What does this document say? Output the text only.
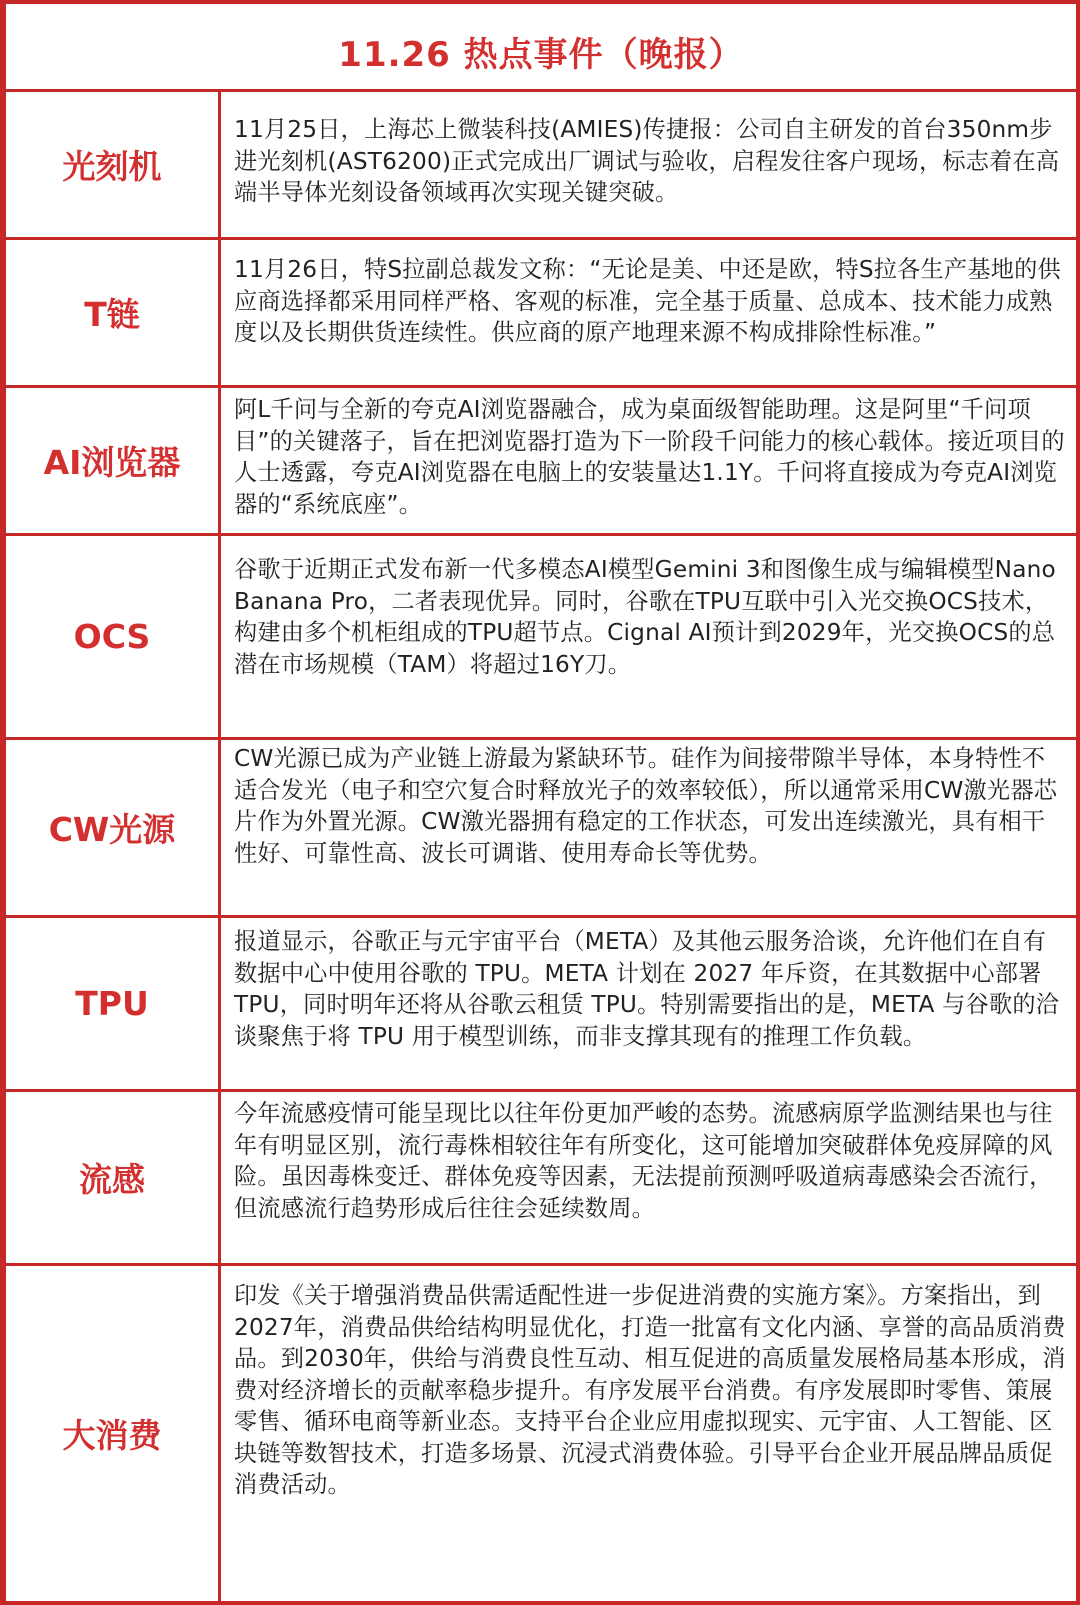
11.26 热点事件（晚报）
光刻机
11月25日，上海芯上微装科技(AMIES)传捷报：公司自主研发的首台350nm步进光刻机(AST6200)正式完成出厂调试与验收，启程发往客户现场，标志着在高端半导体光刻设备领域再次实现关键突破。
T链
11月26日，特S拉副总裁发文称：“无论是美、中还是欧，特S拉各生产基地的供应商选择都采用同样严格、客观的标准，完全基于质量、总成本、技术能力成熟度以及长期供货连续性。供应商的原产地理来源不构成排除性标准。”
AI浏览器
阿L千问与全新的夸克AI浏览器融合，成为桌面级智能助理。这是阿里“千问项目”的关键落子，旨在把浏览器打造为下一阶段千问能力的核心载体。接近项目的人士透露，夸克AI浏览器在电脑上的安装量达1.1Y。千问将直接成为夸克AI浏览器的“系统底座”。
OCS
谷歌于近期正式发布新一代多模态AI模型Gemini 3和图像生成与编辑模型Nano Banana Pro，二者表现优异。同时，谷歌在TPU互联中引入光交换OCS技术，构建由多个机柜组成的TPU超节点。Cignal AI预计到2029年，光交换OCS的总潜在市场规模（TAM）将超过16Y刀。
CW光源
CW光源已成为产业链上游最为紧缺环节。硅作为间接带隙半导体，本身特性不适合发光（电子和空穴复合时释放光子的效率较低），所以通常采用CW激光器芯片作为外置光源。CW激光器拥有稳定的工作状态，可发出连续激光，具有相干性好、可靠性高、波长可调谐、使用寿命长等优势。
TPU
报道显示，谷歌正与元宇宙平台（META）及其他云服务洽谈，允许他们在自有数据中心中使用谷歌的 TPU。META 计划在 2027 年斥资，在其数据中心部署 TPU，同时明年还将从谷歌云租赁 TPU。特别需要指出的是，META 与谷歌的洽谈聚焦于将 TPU 用于模型训练，而非支撑其现有的推理工作负载。
流感
今年流感疫情可能呈现比以往年份更加严峻的态势。流感病原学监测结果也与往年有明显区别，流行毒株相较往年有所变化，这可能增加突破群体免疫屏障的风险。虽因毒株变迁、群体免疫等因素，无法提前预测呼吸道病毒感染会否流行，但流感流行趋势形成后往往会延续数周。
大消费
印发《关于增强消费品供需适配性进一步促进消费的实施方案》。方案指出，到2027年，消费品供给结构明显优化，打造一批富有文化内涵、享誉的高品质消费品。到2030年，供给与消费良性互动、相互促进的高质量发展格局基本形成，消费对经济增长的贡献率稳步提升。有序发展平台消费。有序发展即时零售、策展零售、循环电商等新业态。支持平台企业应用虚拟现实、元宇宙、人工智能、区块链等数智技术，打造多场景、沉浸式消费体验。引导平台企业开展品牌品质促消费活动。
